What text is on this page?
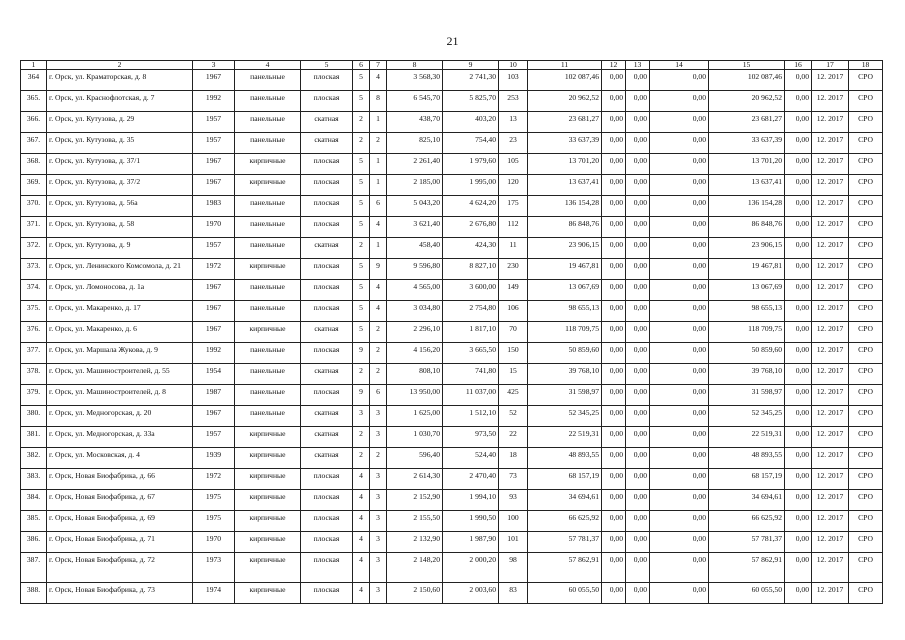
21
1	2	3	4	5	6	7	8	9	10	11	12	13	14	15	16	17	18
364	г. Орск, ул. Краматорская, д. 8	1967	панельные	плоская	5	4	3 568,30	2 741,30	103	102 087,46	0,00	0,00	0,00	102 087,46	0,00	12. 2017	СРО
365.	г. Орск, ул. Краснофлотская, д. 7	1992	панельные	плоская	5	8	6 545,70	5 825,70	253	20 962,52	0,00	0,00	0,00	20 962,52	0,00	12. 2017	СРО
366.	г. Орск, ул. Кутузова, д. 29	1957	панельные	скатная	2	1	438,70	403,20	13	23 681,27	0,00	0,00	0,00	23 681,27	0,00	12. 2017	СРО
367.	г. Орск, ул. Кутузова, д. 35	1957	панельные	скатная	2	2	825,10	754,40	23	33 637,39	0,00	0,00	0,00	33 637,39	0,00	12. 2017	СРО
368.	г. Орск, ул. Кутузова, д. 37/1	1967	кирпичные	плоская	5	1	2 261,40	1 979,60	105	13 701,20	0,00	0,00	0,00	13 701,20	0,00	12. 2017	СРО
369.	г. Орск, ул. Кутузова, д. 37/2	1967	кирпичные	плоская	5	1	2 185,00	1 995,00	120	13 637,41	0,00	0,00	0,00	13 637,41	0,00	12. 2017	СРО
370.	г. Орск, ул. Кутузова, д. 56а	1983	панельные	плоская	5	6	5 043,20	4 624,20	175	136 154,28	0,00	0,00	0,00	136 154,28	0,00	12. 2017	СРО
371.	г. Орск, ул. Кутузова, д. 58	1970	панельные	плоская	5	4	3 621,40	2 676,80	112	86 848,76	0,00	0,00	0,00	86 848,76	0,00	12. 2017	СРО
372.	г. Орск, ул. Кутузова, д. 9	1957	панельные	скатная	2	1	458,40	424,30	11	23 906,15	0,00	0,00	0,00	23 906,15	0,00	12. 2017	СРО
373.	г. Орск, ул. Ленинского Комсомола, д. 21	1972	кирпичные	плоская	5	9	9 596,80	8 827,10	230	19 467,81	0,00	0,00	0,00	19 467,81	0,00	12. 2017	СРО
374.	г. Орск, ул. Ломоносова, д. 1а	1967	панельные	плоская	5	4	4 565,00	3 600,00	149	13 067,69	0,00	0,00	0,00	13 067,69	0,00	12. 2017	СРО
375.	г. Орск, ул. Макаренко, д. 17	1967	панельные	плоская	5	4	3 034,80	2 754,80	106	98 655,13	0,00	0,00	0,00	98 655,13	0,00	12. 2017	СРО
376.	г. Орск, ул. Макаренко, д. 6	1967	кирпичные	скатная	5	2	2 296,10	1 817,10	70	118 709,75	0,00	0,00	0,00	118 709,75	0,00	12. 2017	СРО
377.	г. Орск, ул. Маршала Жукова, д. 9	1992	панельные	плоская	9	2	4 156,20	3 665,50	150	50 859,60	0,00	0,00	0,00	50 859,60	0,00	12. 2017	СРО
378.	г. Орск, ул. Машиностроителей, д. 55	1954	панельные	скатная	2	2	808,10	741,80	15	39 768,10	0,00	0,00	0,00	39 768,10	0,00	12. 2017	СРО
379.	г. Орск, ул. Машиностроителей, д. 8	1987	панельные	плоская	9	6	13 950,00	11 037,00	425	31 598,97	0,00	0,00	0,00	31 598,97	0,00	12. 2017	СРО
380.	г. Орск, ул. Медногорская, д. 20	1967	панельные	скатная	3	3	1 625,00	1 512,10	52	52 345,25	0,00	0,00	0,00	52 345,25	0,00	12. 2017	СРО
381.	г. Орск, ул. Медногорская, д. 33а	1957	кирпичные	скатная	2	3	1 030,70	973,50	22	22 519,31	0,00	0,00	0,00	22 519,31	0,00	12. 2017	СРО
382.	г. Орск, ул. Московская, д. 4	1939	кирпичные	скатная	2	2	596,40	524,40	18	48 893,55	0,00	0,00	0,00	48 893,55	0,00	12. 2017	СРО
383.	г. Орск, Новая Биофабрика, д. 66	1972	кирпичные	плоская	4	3	2 614,30	2 470,40	73	68 157,19	0,00	0,00	0,00	68 157,19	0,00	12. 2017	СРО
384.	г. Орск, Новая Биофабрика, д. 67	1975	кирпичные	плоская	4	3	2 152,90	1 994,10	93	34 694,61	0,00	0,00	0,00	34 694,61	0,00	12. 2017	СРО
385.	г. Орск, Новая Биофабрика, д. 69	1975	кирпичные	плоская	4	3	2 155,50	1 990,50	100	66 625,92	0,00	0,00	0,00	66 625,92	0,00	12. 2017	СРО
386.	г. Орск, Новая Биофабрика, д. 71	1970	кирпичные	плоская	4	3	2 132,90	1 987,90	101	57 781,37	0,00	0,00	0,00	57 781,37	0,00	12. 2017	СРО
387.	г. Орск, Новая Биофабрика, д. 72	1973	кирпичные	плоская	4	3	2 148,20	2 000,20	98	57 862,91	0,00	0,00	0,00	57 862,91	0,00	12. 2017	СРО
388.	г. Орск, Новая Биофабрика, д. 73	1974	кирпичные	плоская	4	3	2 150,60	2 003,60	83	60 055,50	0,00	0,00	0,00	60 055,50	0,00	12. 2017	СРО
